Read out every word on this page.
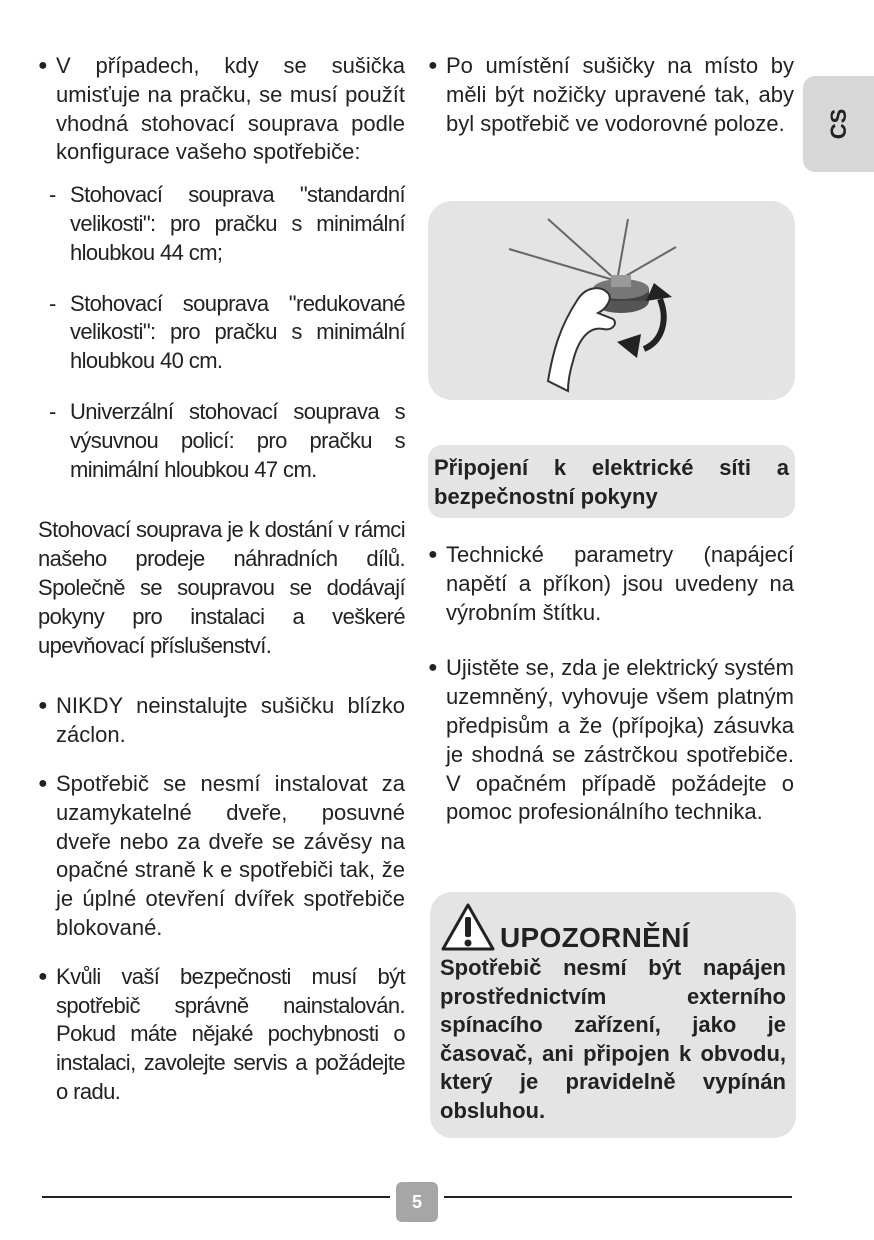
CS

● V případech, kdy se sušička umisťuje na pračku, se musí použít vhodná stohovací souprava podle konfigurace vašeho spotřebiče:

- Stohovací souprava "standardní velikosti": pro pračku s minimální hloubkou 44 cm;

- Stohovací souprava "redukované velikosti": pro pračku s minimální hloubkou 40 cm.

- Univerzální stohovací souprava s výsuvnou policí: pro pračku s minimální hloubkou 47 cm.

Stohovací souprava je k dostání v rámci našeho prodeje náhradních dílů. Společně se soupravou se dodávají pokyny pro instalaci a veškeré upevňovací příslušenství.

● NIKDY neinstalujte sušičku blízko záclon.

● Spotřebič se nesmí instalovat za uzamykatelné dveře, posuvné dveře nebo za dveře se závěsy na opačné straně k e spotřebiči tak, že je úplné otevření dvířek spotřebiče blokované.

● Kvůli vaší bezpečnosti musí být spotřebič správně nainstalován. Pokud máte nějaké pochybnosti o instalaci, zavolejte servis a požádejte o radu.

● Po umístění sušičky na místo by měli být nožičky upravené tak, aby byl spotřebič ve vodorovné poloze.

Připojení k elektrické síti a bezpečnostní pokyny

● Technické parametry (napájecí napětí a příkon) jsou uvedeny na výrobním štítku.

● Ujistěte se, zda je elektrický systém uzemněný, vyhovuje všem platným předpisům a že (přípojka) zásuvka je shodná se zástrčkou spotřebiče. V opačném případě požádejte o pomoc profesionálního technika.

UPOZORNĚNÍ
Spotřebič nesmí být napájen prostřednictvím externího spínacího zařízení, jako je časovač, ani připojen k obvodu, který je pravidelně vypínán obsluhou.
5
